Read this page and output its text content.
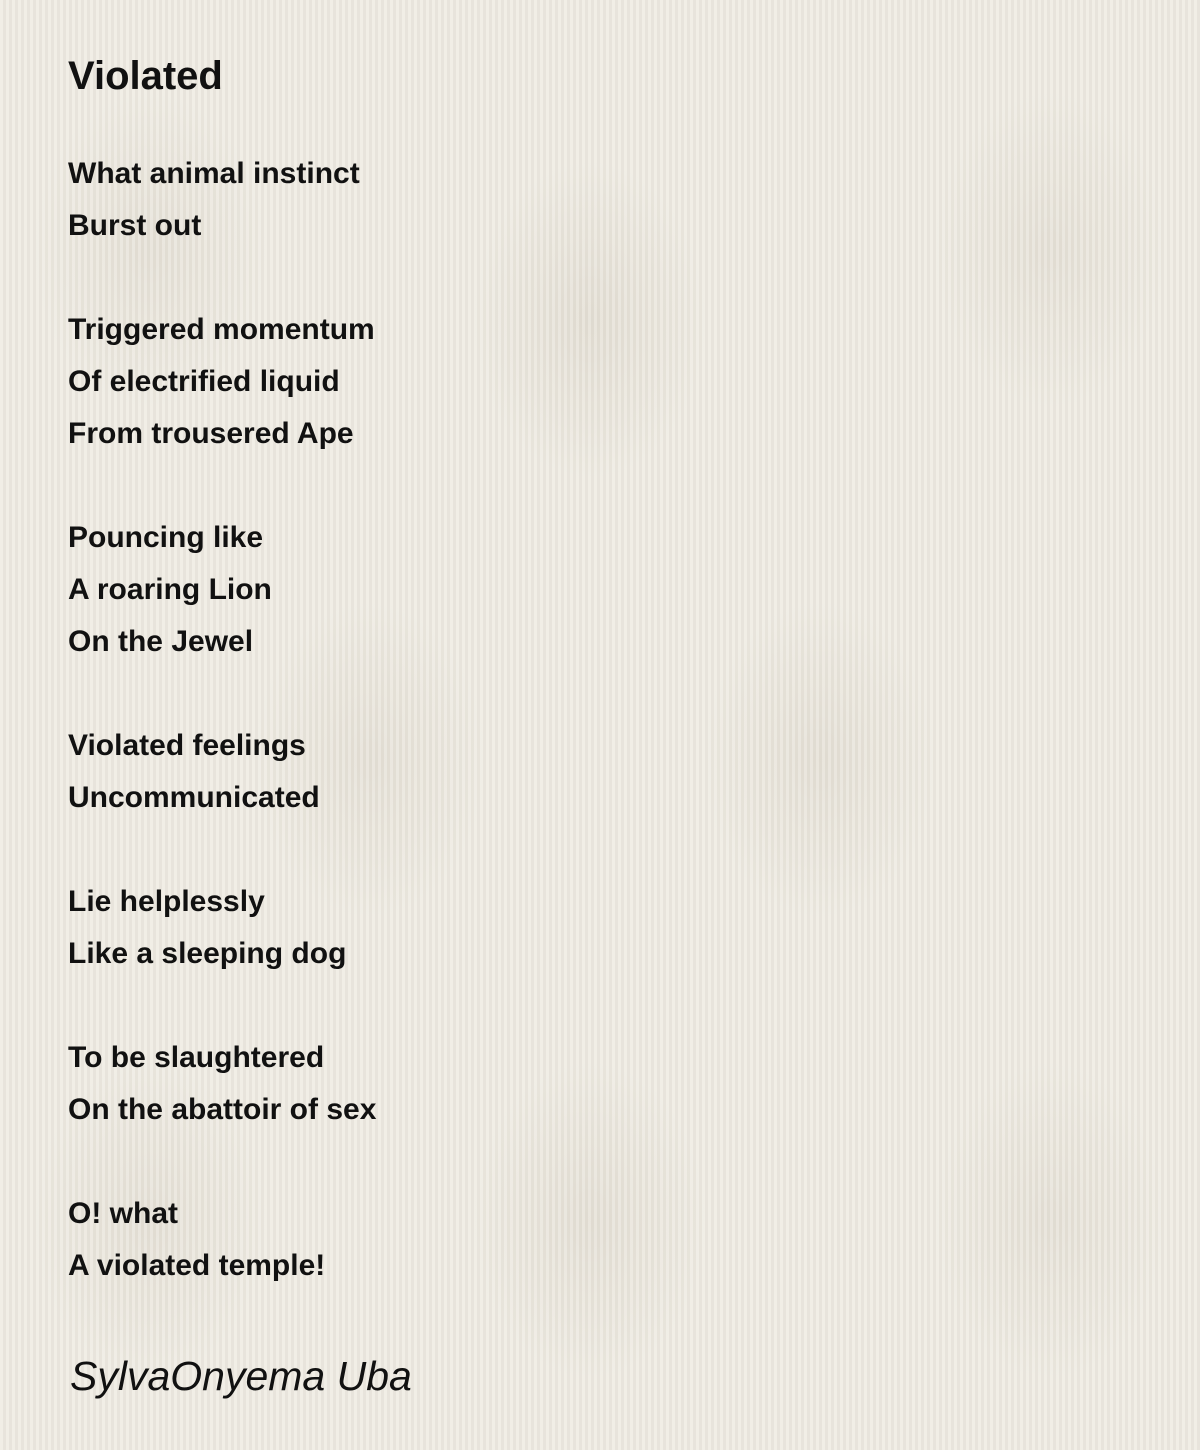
Violated
What animal instinct
Burst out
Triggered momentum
Of electrified liquid
From trousered Ape
Pouncing like
A roaring Lion
On the Jewel
Violated feelings
Uncommunicated
Lie helplessly
Like a sleeping dog
To be slaughtered
On the abattoir of sex
O! what
A violated temple!
SylvaOnyema Uba
